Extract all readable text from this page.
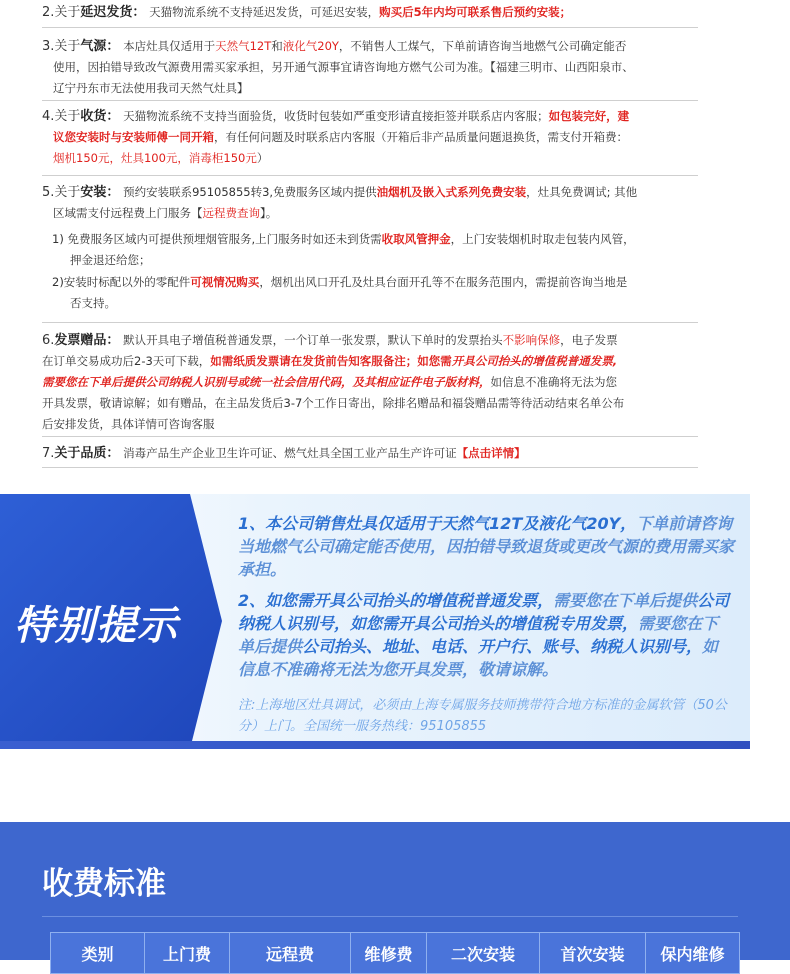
2.关于延迟发货： 天猫物流系统不支持延迟发货，可延迟安装，购买后5年内均可联系售后预约安装；
3.关于气源： 本店灶具仅适用于天然气12T和液化气20Y，不销售人工煤气，下单前请咨询当地燃气公司确定能否
使用，因拍错导致改气源费用需买家承担，另开通气源事宜请咨询地方燃气公司为准。【福建三明市、山西阳泉市、
辽宁丹东市无法使用我司天然气灶具】
4.关于收货： 天猫物流系统不支持当面验货，收货时包装如严重变形请直接拒签并联系店内客服；如包装完好，建
议您安装时与安装师傅一同开箱，有任何问题及时联系店内客服（开箱后非产品质量问题退换货，需支付开箱费：
烟机150元，灶具100元，消毒柜150元）
5.关于安装： 预约安装联系95105855转3,免费服务区域内提供油烟机及嵌入式系列免费安装，灶具免费调试; 其他
区域需支付远程费上门服务【远程费查询】。
1) 免费服务区域内可提供预埋烟管服务,上门服务时如还未到货需收取风管押金，上门安装烟机时取走包装内风管，
押金退还给您；
2)安装时标配以外的零配件可视情况购买，烟机出风口开孔及灶具台面开孔等不在服务范围内，需提前咨询当地是
否支持。
6.发票赠品： 默认开具电子增值税普通发票，一个订单一张发票，默认下单时的发票抬头不影响保修，电子发票
在订单交易成功后2-3天可下载，如需纸质发票请在发货前告知客服备注；如您需开具公司抬头的增值税普通发票,
需要您在下单后提供公司纳税人识别号或统一社会信用代码，及其相应证件电子版材料，如信息不准确将无法为您
开具发票，敬请谅解；如有赠品，在主品发货后3-7个工作日寄出，除排名赠品和福袋赠品需等待活动结束名单公布
后安排发货，具体详情可咨询客服
7.关于品质： 消毒产品生产企业卫生许可证、燃气灶具全国工业产品生产许可证【点击详情】
特别提示
1、本公司销售灶具仅适用于天然气12T及液化气20Y，下单前请咨询当地燃气公司确定能否使用，因拍错导致退货或更改气源的费用需买家承担。
2、如您需开具公司抬头的增值税普通发票，需要您在下单后提供公司纳税人识别号，如您需开具公司抬头的增值税专用发票，需要您在下单后提供公司抬头、地址、电话、开户行、账号、纳税人识别号，如信息不准确将无法为您开具发票，敬请谅解。
注:上海地区灶具调试，必须由上海专属服务技师携带符合地方标准的金属软管（50公分）上门。全国统一服务热线：95105855
收费标准
类别	上门费	远程费	维修费	二次安装	首次安装	保内维修
